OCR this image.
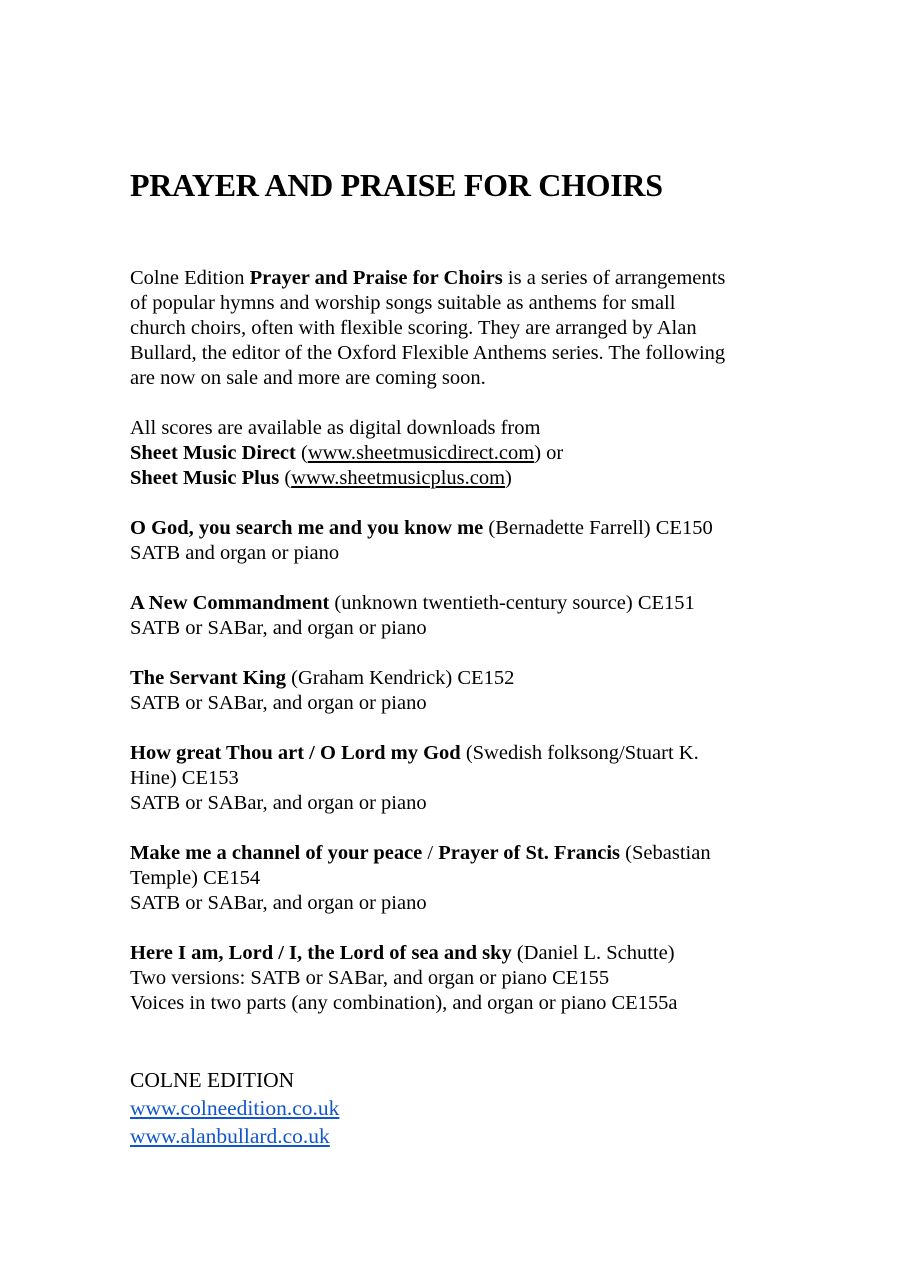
PRAYER AND PRAISE FOR CHOIRS

Colne Edition Prayer and Praise for Choirs is a series of arrangements
of popular hymns and worship songs suitable as anthems for small
church choirs, often with flexible scoring. They are arranged by Alan
Bullard, the editor of the Oxford Flexible Anthems series. The following
are now on sale and more are coming soon.

All scores are available as digital downloads from
Sheet Music Direct (www.sheetmusicdirect.com) or
Sheet Music Plus (www.sheetmusicplus.com)

O God, you search me and you know me (Bernadette Farrell) CE150
SATB and organ or piano
A New Commandment (unknown twentieth-century source) CE151
SATB or SABar, and organ or piano
The Servant King (Graham Kendrick) CE152
SATB or SABar, and organ or piano
How great Thou art / O Lord my God (Swedish folksong/Stuart K.
Hine) CE153
SATB or SABar, and organ or piano
Make me a channel of your peace / Prayer of St. Francis (Sebastian
Temple) CE154
SATB or SABar, and organ or piano
Here I am, Lord / I, the Lord of sea and sky (Daniel L. Schutte)
Two versions: SATB or SABar, and organ or piano CE155
Voices in two parts (any combination), and organ or piano CE155a
COLNE EDITION
www.colneedition.co.uk
www.alanbullard.co.uk
